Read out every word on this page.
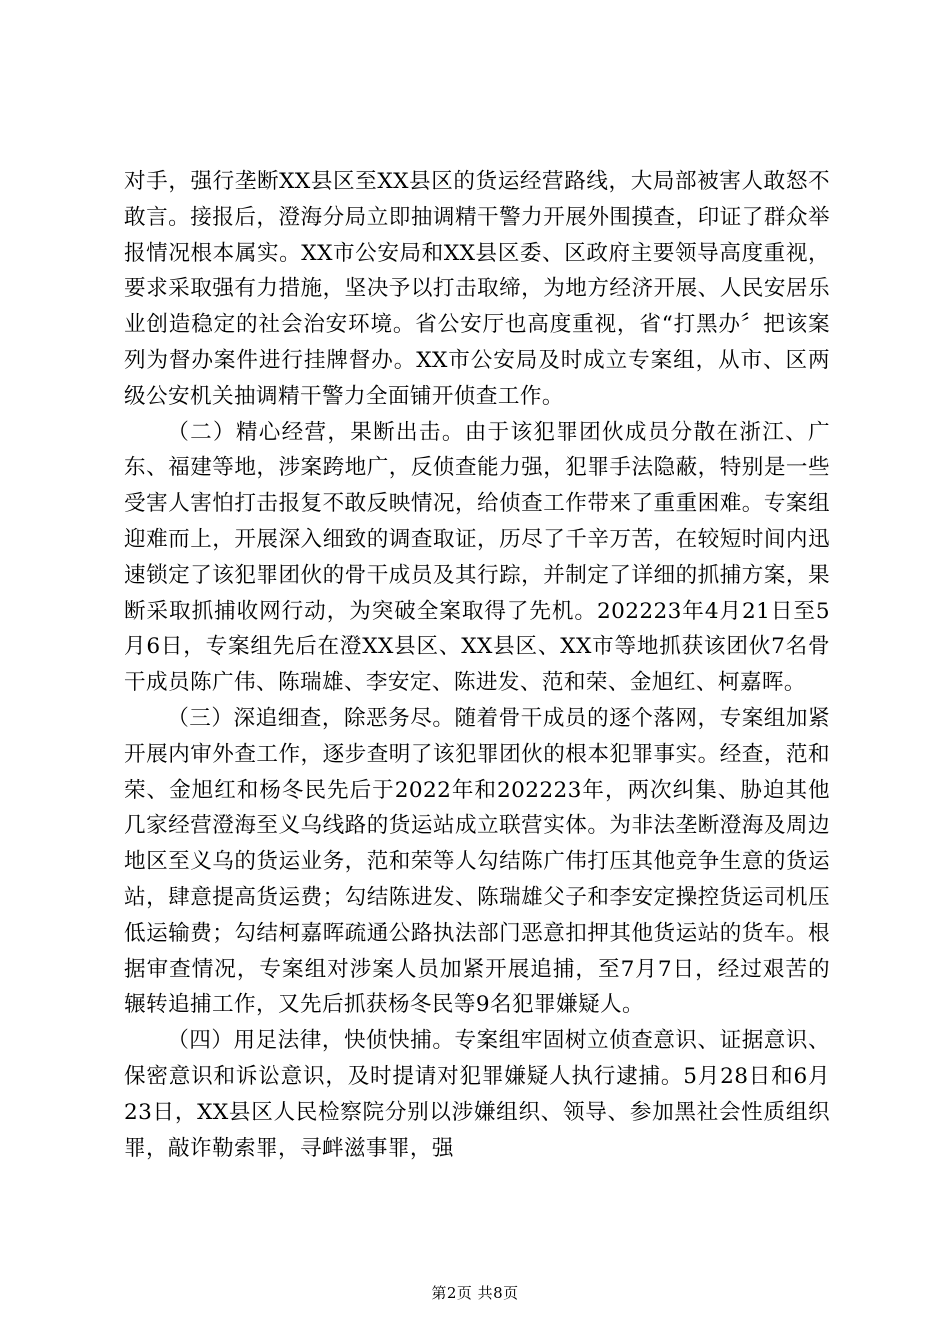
对手，强行垄断XX县区至XX县区的货运经营路线，大局部被害人敢怒不敢言。接报后，澄海分局立即抽调精干警力开展外围摸查，印证了群众举报情况根本属实。XX市公安局和XX县区委、区政府主要领导高度重视，要求采取强有力措施，坚决予以打击取缔，为地方经济开展、人民安居乐业创造稳定的社会治安环境。省公安厅也高度重视，省“打黑办〞把该案列为督办案件进行挂牌督办。XX市公安局及时成立专案组，从市、区两级公安机关抽调精干警力全面铺开侦查工作。

（二）精心经营，果断出击。由于该犯罪团伙成员分散在浙江、广东、福建等地，涉案跨地广，反侦查能力强，犯罪手法隐蔽，特别是一些受害人害怕打击报复不敢反映情况，给侦查工作带来了重重困难。专案组迎难而上，开展深入细致的调查取证，历尽了千辛万苦，在较短时间内迅速锁定了该犯罪团伙的骨干成员及其行踪，并制定了详细的抓捕方案，果断采取抓捕收网行动，为突破全案取得了先机。202223年4月21日至5月6日，专案组先后在澄XX县区、XX县区、XX市等地抓获该团伙7名骨干成员陈广伟、陈瑞雄、李安定、陈进发、范和荣、金旭红、柯嘉晖。

（三）深追细查，除恶务尽。随着骨干成员的逐个落网，专案组加紧开展内审外查工作，逐步查明了该犯罪团伙的根本犯罪事实。经查，范和荣、金旭红和杨冬民先后于2022年和202223年，两次纠集、胁迫其他几家经营澄海至义乌线路的货运站成立联营实体。为非法垄断澄海及周边地区至义乌的货运业务，范和荣等人勾结陈广伟打压其他竞争生意的货运站，肆意提高货运费；勾结陈进发、陈瑞雄父子和李安定操控货运司机压低运输费；勾结柯嘉晖疏通公路执法部门恶意扣押其他货运站的货车。根据审查情况，专案组对涉案人员加紧开展追捕，至7月7日，经过艰苦的辗转追捕工作，又先后抓获杨冬民等9名犯罪嫌疑人。

（四）用足法律，快侦快捕。专案组牢固树立侦查意识、证据意识、保密意识和诉讼意识，及时提请对犯罪嫌疑人执行逮捕。5月28日和6月23日，XX县区人民检察院分别以涉嫌组织、领导、参加黑社会性质组织罪，敲诈勒索罪，寻衅滋事罪，强

第2页 共8页
